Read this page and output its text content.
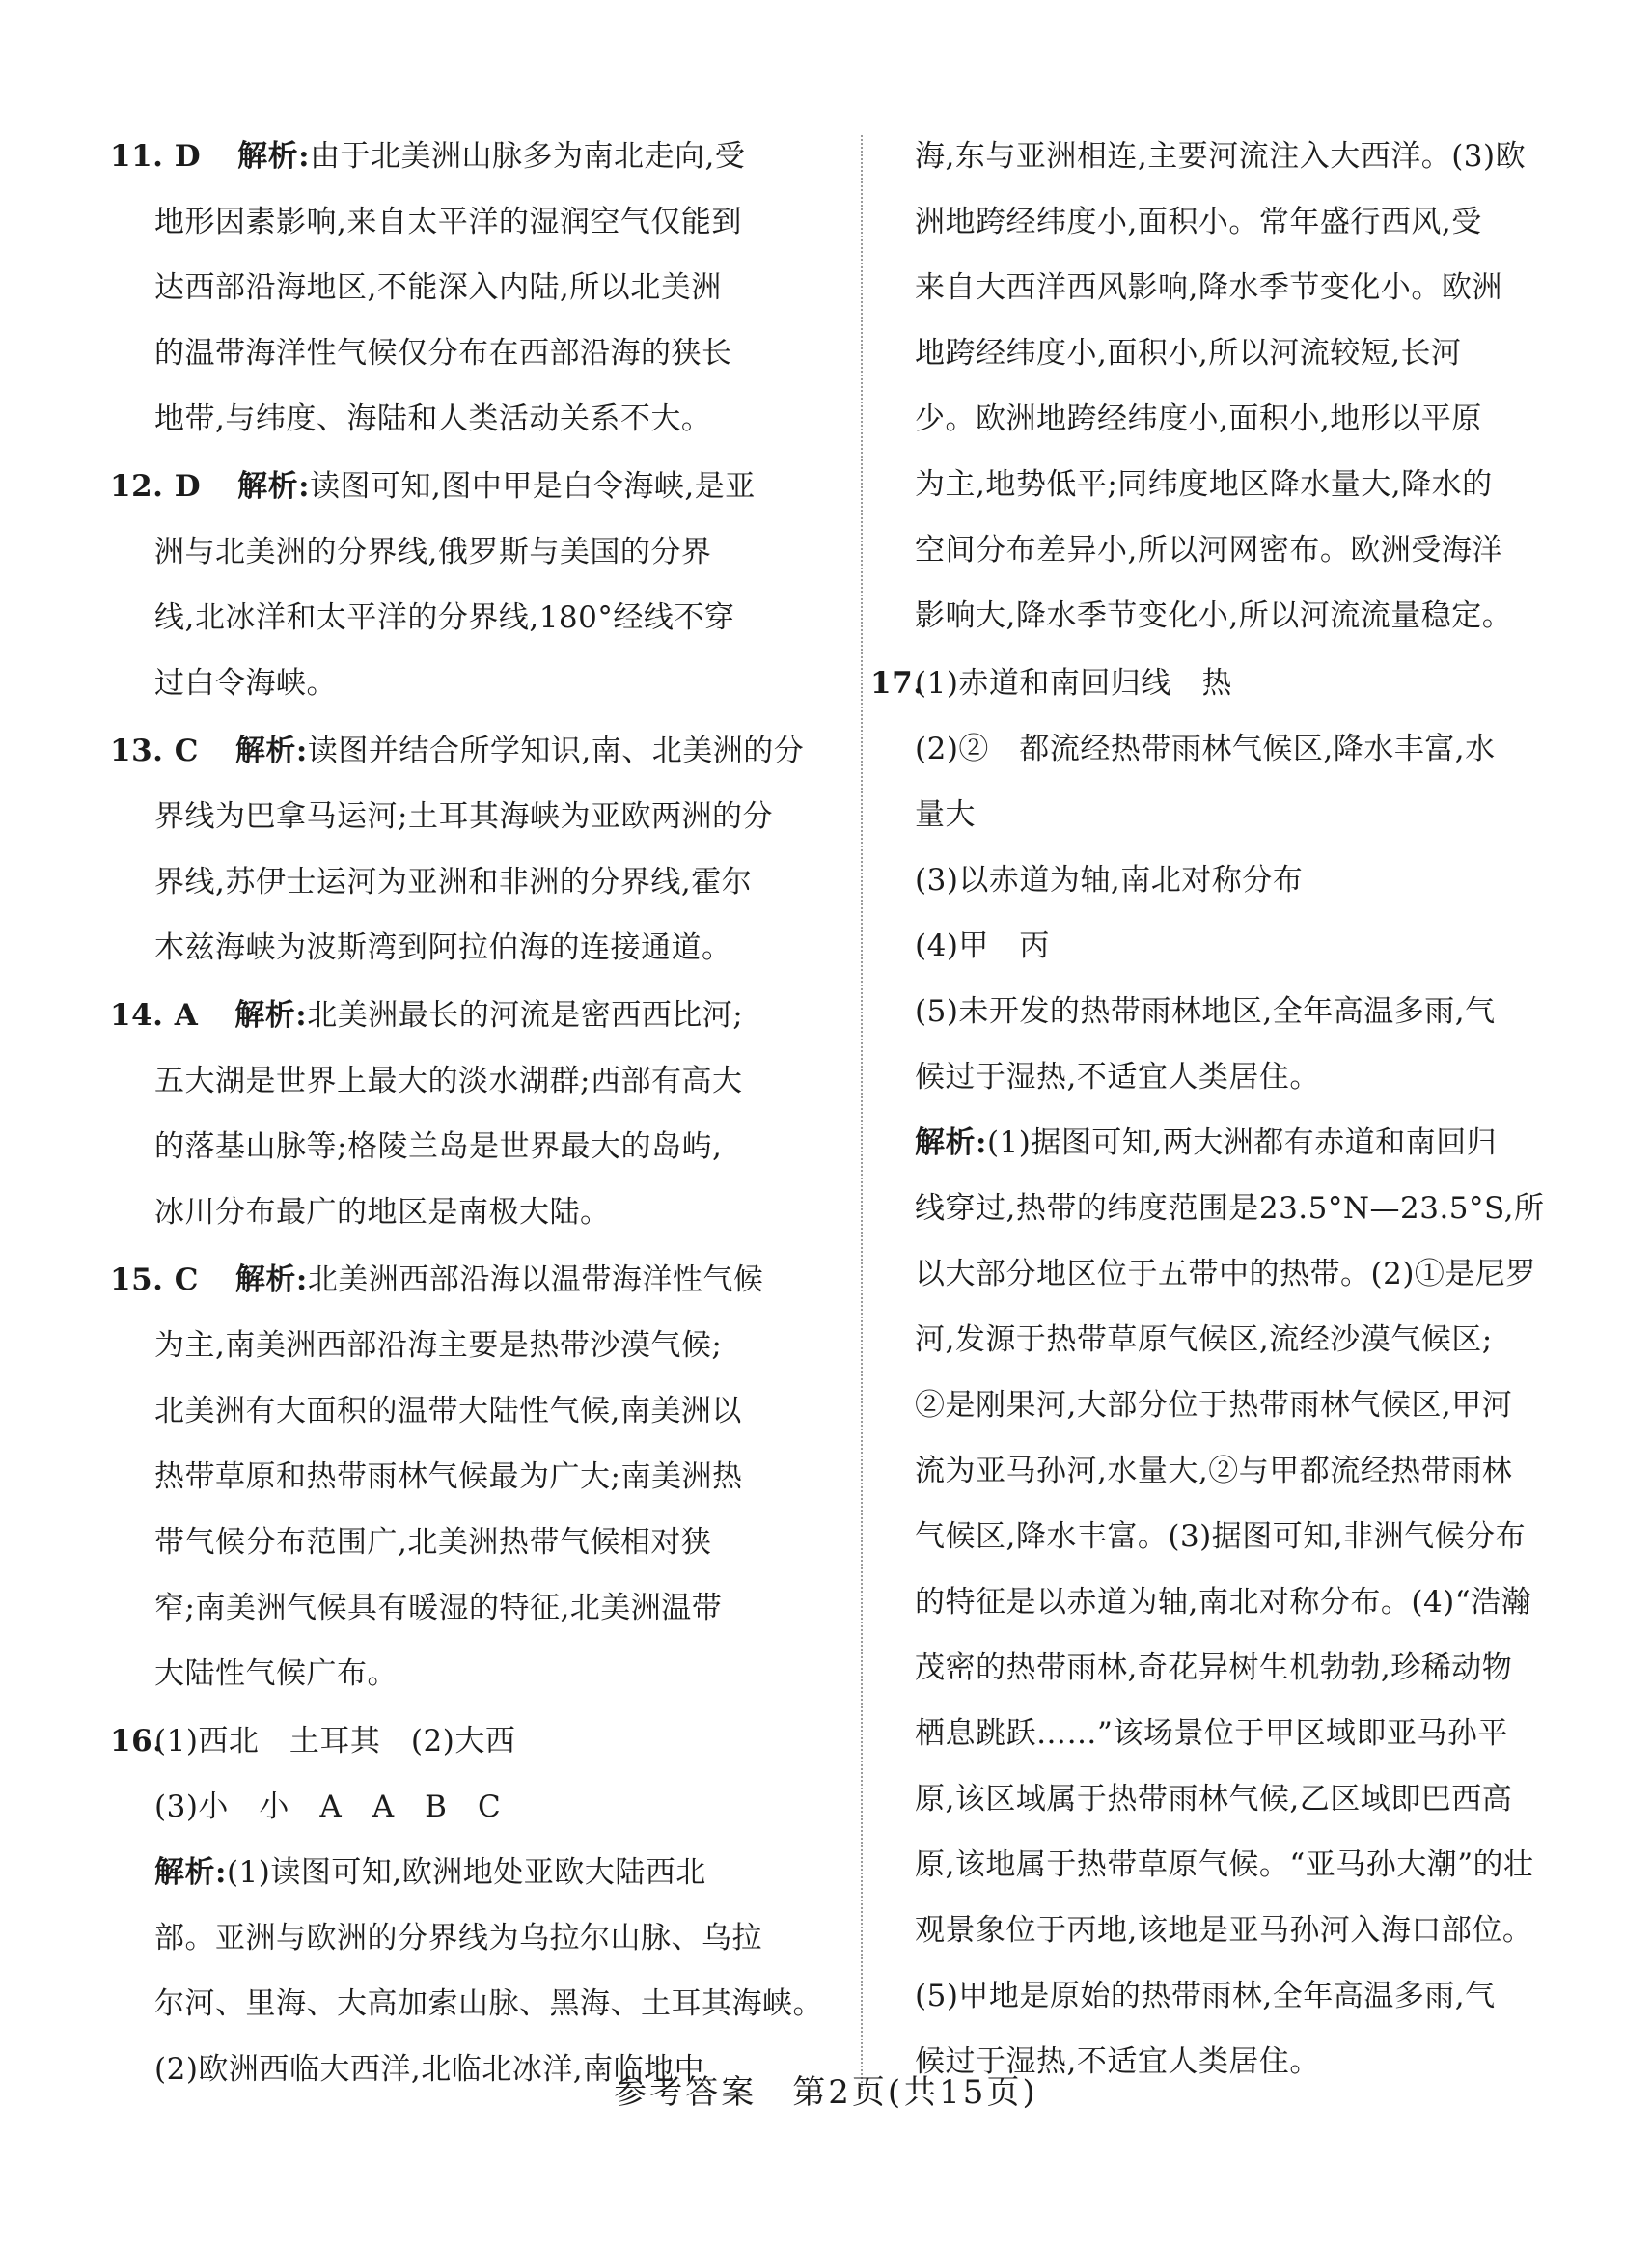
11. D 解析:由于北美洲山脉多为南北走向,受
地形因素影响,来自太平洋的湿润空气仅能到
达西部沿海地区,不能深入内陆,所以北美洲
的温带海洋性气候仅分布在西部沿海的狭长
地带,与纬度、海陆和人类活动关系不大。
12. D 解析:读图可知,图中甲是白令海峡,是亚
洲与北美洲的分界线,俄罗斯与美国的分界
线,北冰洋和太平洋的分界线,180°经线不穿
过白令海峡。
13. C 解析:读图并结合所学知识,南、北美洲的分
界线为巴拿马运河;土耳其海峡为亚欧两洲的分
界线,苏伊士运河为亚洲和非洲的分界线,霍尔
木兹海峡为波斯湾到阿拉伯海的连接通道。
14. A 解析:北美洲最长的河流是密西西比河;
五大湖是世界上最大的淡水湖群;西部有高大
的落基山脉等;格陵兰岛是世界最大的岛屿,
冰川分布最广的地区是南极大陆。
15. C 解析:北美洲西部沿海以温带海洋性气候
为主,南美洲西部沿海主要是热带沙漠气候;
北美洲有大面积的温带大陆性气候,南美洲以
热带草原和热带雨林气候最为广大;南美洲热
带气候分布范围广,北美洲热带气候相对狭
窄;南美洲气候具有暖湿的特征,北美洲温带
大陆性气候广布。
16.(1)西北　土耳其　(2)大西
(3)小　小　A　A　B　C
解析:(1)读图可知,欧洲地处亚欧大陆西北
部。亚洲与欧洲的分界线为乌拉尔山脉、乌拉
尔河、里海、大高加索山脉、黑海、土耳其海峡。
(2)欧洲西临大西洋,北临北冰洋,南临地中
海,东与亚洲相连,主要河流注入大西洋。(3)欧
洲地跨经纬度小,面积小。常年盛行西风,受
来自大西洋西风影响,降水季节变化小。欧洲
地跨经纬度小,面积小,所以河流较短,长河
少。欧洲地跨经纬度小,面积小,地形以平原
为主,地势低平;同纬度地区降水量大,降水的
空间分布差异小,所以河网密布。欧洲受海洋
影响大,降水季节变化小,所以河流流量稳定。
17.(1)赤道和南回归线　热
(2)②　都流经热带雨林气候区,降水丰富,水
量大
(3)以赤道为轴,南北对称分布
(4)甲　丙
(5)未开发的热带雨林地区,全年高温多雨,气
候过于湿热,不适宜人类居住。
解析:(1)据图可知,两大洲都有赤道和南回归
线穿过,热带的纬度范围是23.5°N—23.5°S,所
以大部分地区位于五带中的热带。(2)①是尼罗
河,发源于热带草原气候区,流经沙漠气候区;
②是刚果河,大部分位于热带雨林气候区,甲河
流为亚马孙河,水量大,②与甲都流经热带雨林
气候区,降水丰富。(3)据图可知,非洲气候分布
的特征是以赤道为轴,南北对称分布。(4)“浩瀚
茂密的热带雨林,奇花异树生机勃勃,珍稀动物
栖息跳跃……”该场景位于甲区域即亚马孙平
原,该区域属于热带雨林气候,乙区域即巴西高
原,该地属于热带草原气候。“亚马孙大潮”的壮
观景象位于丙地,该地是亚马孙河入海口部位。
(5)甲地是原始的热带雨林,全年高温多雨,气
候过于湿热,不适宜人类居住。
参考答案　第2页(共15页)
